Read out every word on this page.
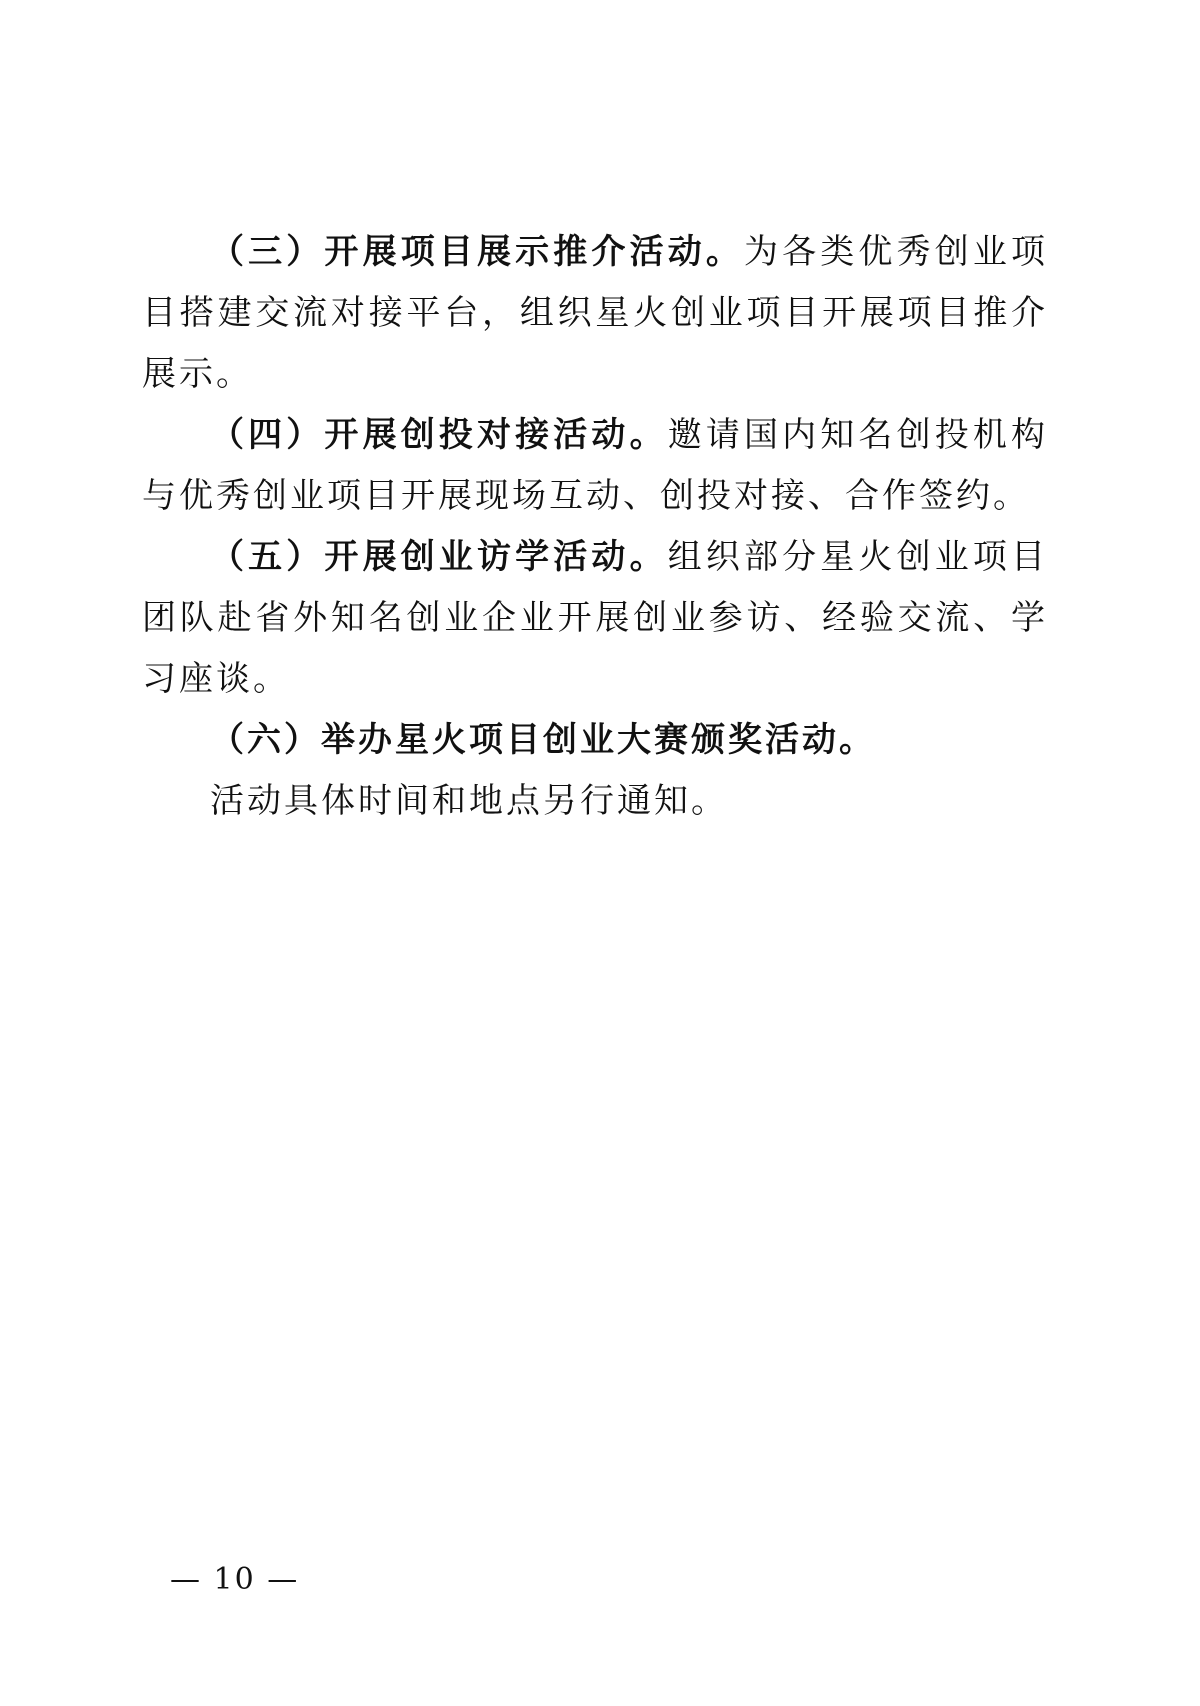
（三）开展项目展示推介活动。为各类优秀创业项目搭建交流对接平台，组织星火创业项目开展项目推介展示。

（四）开展创投对接活动。邀请国内知名创投机构与优秀创业项目开展现场互动、创投对接、合作签约。

（五）开展创业访学活动。组织部分星火创业项目团队赴省外知名创业企业开展创业参访、经验交流、学习座谈。

（六）举办星火项目创业大赛颁奖活动。

活动具体时间和地点另行通知。

— 10 —
